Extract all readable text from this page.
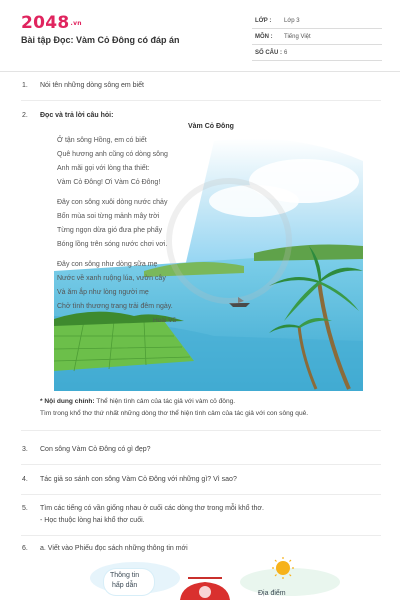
2048.vn
Bài tập Đọc: Vàm Cỏ Đông có đáp án
LỚP : Lớp 3
MÔN : Tiếng Việt
SỐ CÂU : 6
1. Nói tên những dòng sông em biết
2. Đọc và trả lời câu hỏi:
Vàm Cỏ Đông
Ở tận sông Hồng, em có biết
Quê hương anh cũng có dòng sông
Anh mãi gọi với lòng tha thiết:
Vàm Cỏ Đông! Ơi Vàm Cỏ Đông!
Đây con sông xuôi dòng nước chảy
Bốn mùa soi từng mảnh mây trời
Từng ngọn dừa gió đưa phe phẩy
Bóng lồng trên sóng nước chơi vơi.
Đây con sông như dòng sữa mẹ
Nước về xanh ruộng lúa, vườn cây
Và ăm ắp như lòng người mẹ
Chở tình thương trang trải đêm ngày.
Hoài Vũ
* Nội dung chính: Thể hiện tình cảm của tác giả với vàm cỏ đông.
Tìm trong khổ thơ thứ nhất những dòng thơ thể hiện tình cảm của tác giả với con sông quê.
3. Con sông Vàm Cỏ Đông có gì đẹp?
4. Tác giả so sánh con sông Vàm Cỏ Đông với những gì? Vì sao?
5. Tìm các tiếng có vần giống nhau ở cuối các dòng thơ trong mỗi khổ thơ.
- Học thuộc lòng hai khổ thơ cuối.
6. a. Viết vào Phiếu đọc sách những thông tin mới
Thông tin
hấp dẫn
Địa điểm
